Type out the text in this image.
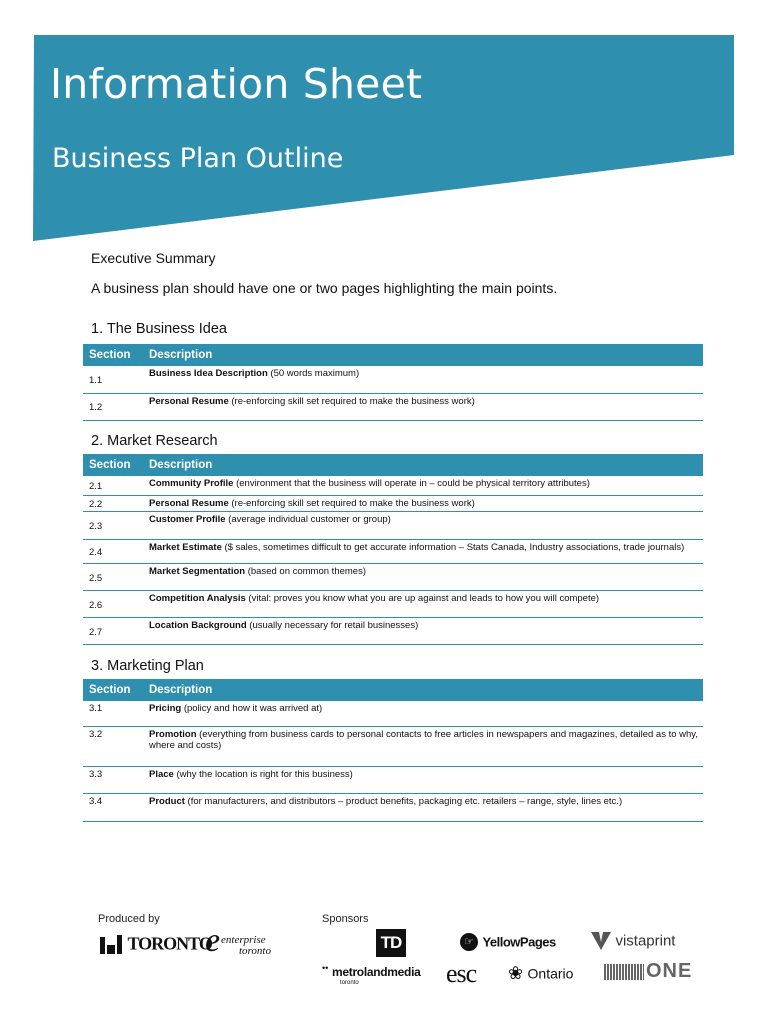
Information Sheet
Business Plan Outline

Executive Summary

A business plan should have one or two pages highlighting the main points.

1. The Business Idea

Section	Description
1.1	Business Idea Description (50 words maximum)
1.2	Personal Resume (re-enforcing skill set required to make the business work)

2. Market Research

Section	Description
2.1	Community Profile (environment that the business will operate in – could be physical territory attributes)
2.2	Personal Resume (re-enforcing skill set required to make the business work)
2.3	Customer Profile (average individual customer or group)
2.4	Market Estimate ($ sales, sometimes difficult to get accurate information – Stats Canada, Industry associations, trade journals)
2.5	Market Segmentation (based on common themes)
2.6	Competition Analysis (vital: proves you know what you are up against and leads to how you will compete)
2.7	Location Background (usually necessary for retail businesses)

3. Marketing Plan

Section	Description
3.1	Pricing (policy and how it was arrived at)
3.2	Promotion (everything from business cards to personal contacts to free articles in newspapers and magazines, detailed as to why, where and costs)
3.3	Place (why the location is right for this business)
3.4	Product (for manufacturers, and distributors – product benefits, packaging etc. retailers – range, style, lines etc.)
Produced by	Sponsors
TORONTO
e enterprise
toronto	TD	☞ YellowPages	vistaprint
•• metrolandmedia
toronto	esc ❀ Ontario	ONE
